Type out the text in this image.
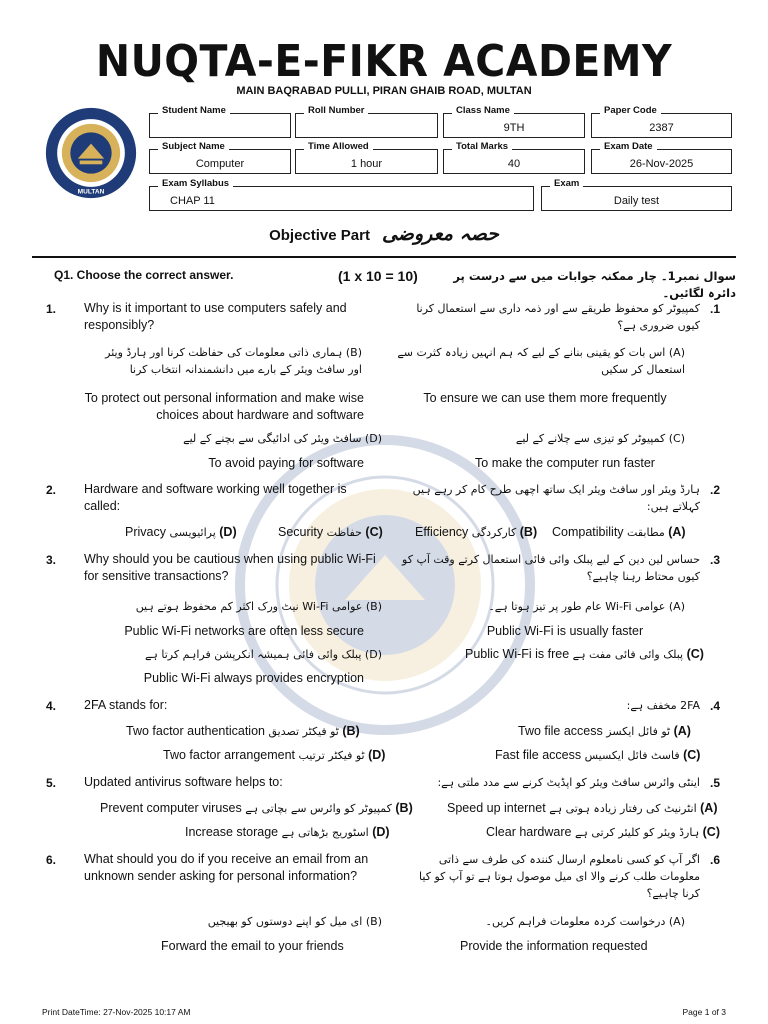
NUQTA-E-FIKR ACADEMY
MAIN BAQRABAD PULLI, PIRAN GHAIB ROAD, MULTAN
MULTAN
Student Name	Roll Number	Class Name
9TH
Paper Code
2387
Subject Name
Computer
Time Allowed
1 hour
Total Marks
40
Exam Date
26-Nov-2025
Exam Syllabus
CHAP 11
Exam
Daily test
Objective Part حصہ معروضی
Q1. Choose the correct answer.	(1 x 10 = 10)	سوال نمبر1۔ چار ممکنہ جوابات میں سے درست پر دائرہ لگائیں۔
1. Why is it important to use computers safely and responsibly?
کمپیوٹر کو محفوظ طریقے سے اور ذمہ داری سے استعمال کرنا کیوں ضروری ہے؟
.1
(B) ہماری ذاتی معلومات کی حفاظت کرنا اور ہارڈ ویئر اور سافٹ ویئر کے بارے میں دانشمندانہ انتخاب کرنا
(A) اس بات کو یقینی بنانے کے لیے کہ ہم انہیں زیادہ کثرت سے استعمال کر سکیں
To protect out personal information and make wise choices about hardware and software
To ensure we can use them more frequently
(D) سافٹ ویئر کی ادائیگی سے بچنے کے لیے	(C) کمپیوٹر کو تیزی سے چلانے کے لیے
To avoid paying for software	To make the computer run faster
2. Hardware and software working well together is called:
ہارڈ ویئر اور سافٹ ویئر ایک ساتھ اچھی طرح کام کر رہے ہیں کہلاتے ہیں:
.2
Privacy پرائیویسی (D)	Security حفاظت (C)	Efficiency کارکردگی (B) Compatibility مطابقت (A)
3. Why should you be cautious when using public Wi-Fi for sensitive transactions?
حساس لین دین کے لیے پبلک وائی فائی استعمال کرتے وقت آپ کو کیوں محتاط رہنا چاہیے؟
.3
(B) عوامی Wi-Fi نیٹ ورک اکثر کم محفوظ ہوتے ہیں	(A) عوامی Wi-Fi عام طور پر تیز ہوتا ہے۔
Public Wi-Fi networks are often less secure	Public Wi-Fi is usually faster
(D) پبلک وائی فائی ہمیشہ انکرپشن فراہم کرتا ہے	Public Wi-Fi is free پبلک وائی فائی مفت ہے (C)
Public Wi-Fi always provides encryption
4. 2FA stands for:	2FA مخفف ہے: .4
Two factor authentication ٹو فیکٹر تصدیق (B)	Two file access ٹو فائل ایکسز (A)
Two factor arrangement ٹو فیکٹر ترتیب (D)	Fast file access فاسٹ فائل ایکسیس (C)
5. Updated antivirus software helps to:	اینٹی وائرس سافٹ ویئر کو اپڈیٹ کرنے سے مدد ملتی ہے: .5
Prevent computer viruses کمپیوٹر کو وائرس سے بچاتی ہے (B)	Speed up internet انٹرنیٹ کی رفتار زیادہ ہوتی ہے (A)
Increase storage اسٹوریج بڑھاتی ہے (D)	Clear hardware ہارڈ ویئر کو کلیئر کرتی ہے (C)
6. What should you do if you receive an email from an unknown sender asking for personal information?
اگر آپ کو کسی نامعلوم ارسال کنندہ کی طرف سے ذاتی معلومات طلب کرنے والا ای میل موصول ہوتا ہے تو آپ کو کیا کرنا چاہیے؟
.6
(B) ای میل کو اپنے دوستوں کو بھیجیں	(A) درخواست کردہ معلومات فراہم کریں۔
Forward the email to your friends	Provide the information requested
Print DateTime: 27-Nov-2025 10:17 AM	Page 1 of 3
